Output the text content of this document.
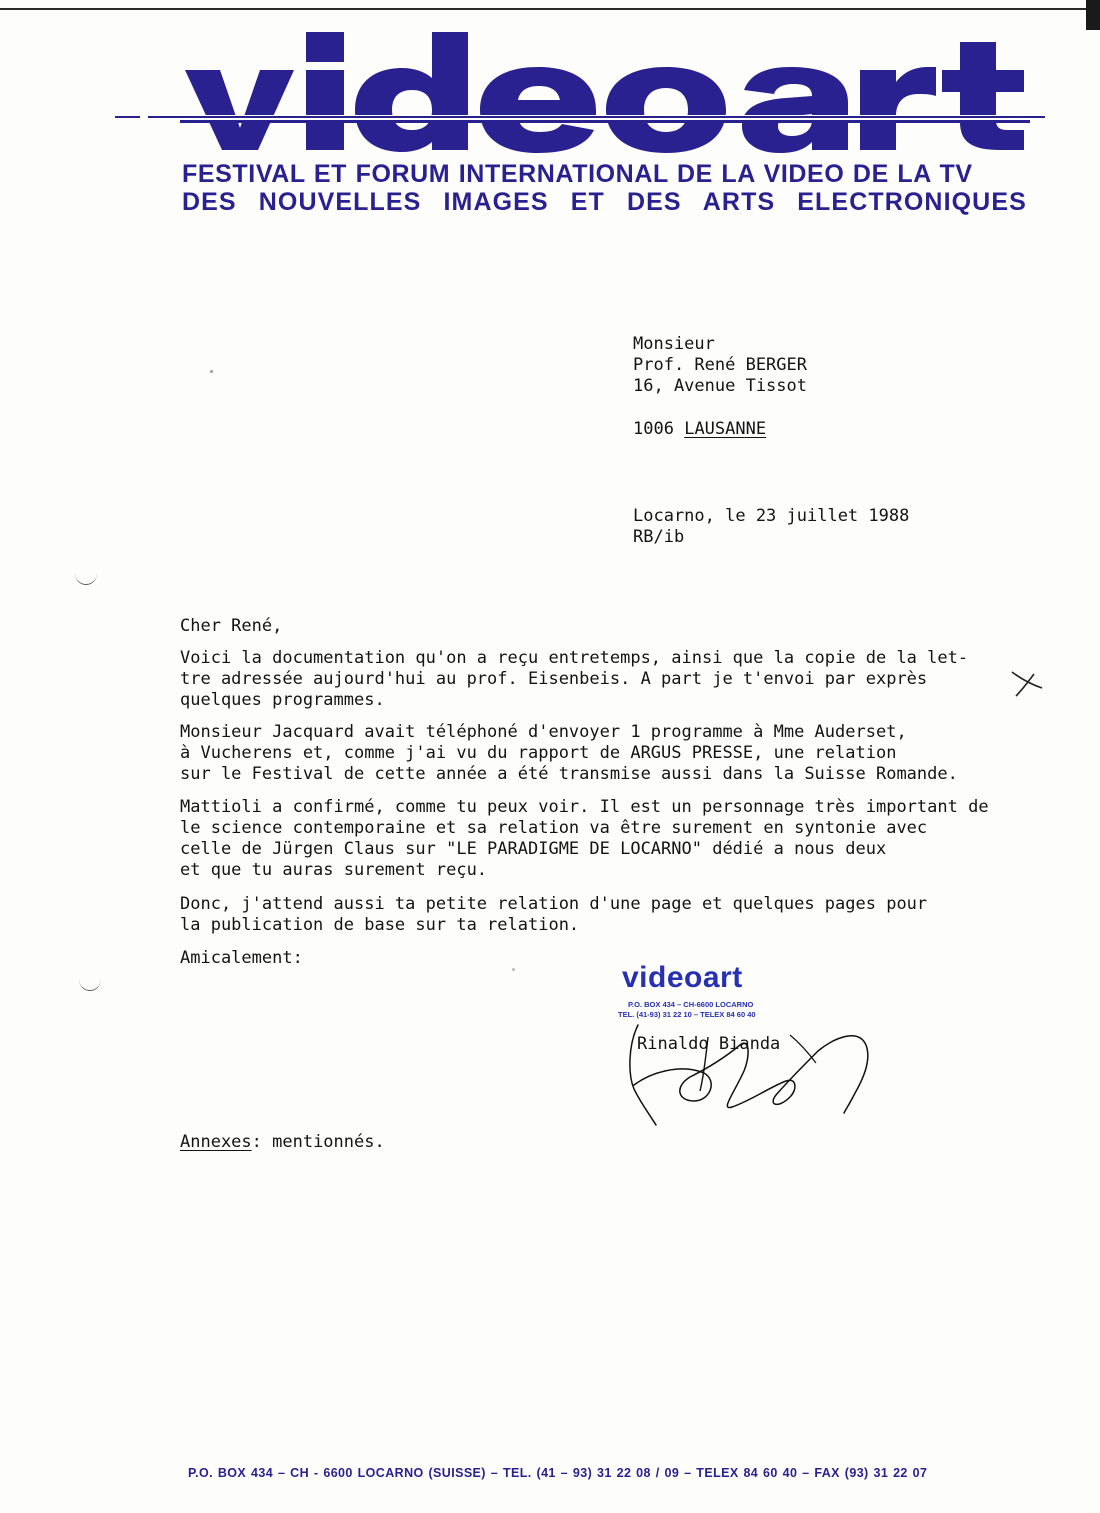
FESTIVAL ET FORUM INTERNATIONAL DE LA VIDEO DE LA TV
DES NOUVELLES IMAGES ET DES ARTS ELECTRONIQUES
Monsieur
Prof. René BERGER
16, Avenue Tissot
1006 LAUSANNE
Locarno, le 23 juillet 1988
RB/ib
Cher René,
Voici la documentation qu'on a reçu entretemps, ainsi que la copie de la let-
tre adressée aujourd'hui au prof. Eisenbeis. A part je t'envoi par exprès
quelques programmes.
Monsieur Jacquard avait téléphoné d'envoyer 1 programme à Mme Auderset,
à Vucherens et, comme j'ai vu du rapport de ARGUS PRESSE, une relation
sur le Festival de cette année a été transmise aussi dans la Suisse Romande.
Mattioli a confirmé, comme tu peux voir. Il est un personnage très important de
le science contemporaine et sa relation va être surement en syntonie avec
celle de Jürgen Claus sur "LE PARADIGME DE LOCARNO" dédié a nous deux
et que tu auras surement reçu.
Donc, j'attend aussi ta petite relation d'une page et quelques pages pour
la publication de base sur ta relation.
Amicalement:
videoart
P.O. BOX 434 – CH-6600 LOCARNO
TEL. (41-93) 31 22 10 – TELEX 84 60 40
Rinaldo Bianda
Annexes: mentionnés.
P.O. BOX 434 – CH - 6600 LOCARNO (SUISSE) – TEL. (41 – 93) 31 22 08 / 09 – TELEX 84 60 40 – FAX (93) 31 22 07
